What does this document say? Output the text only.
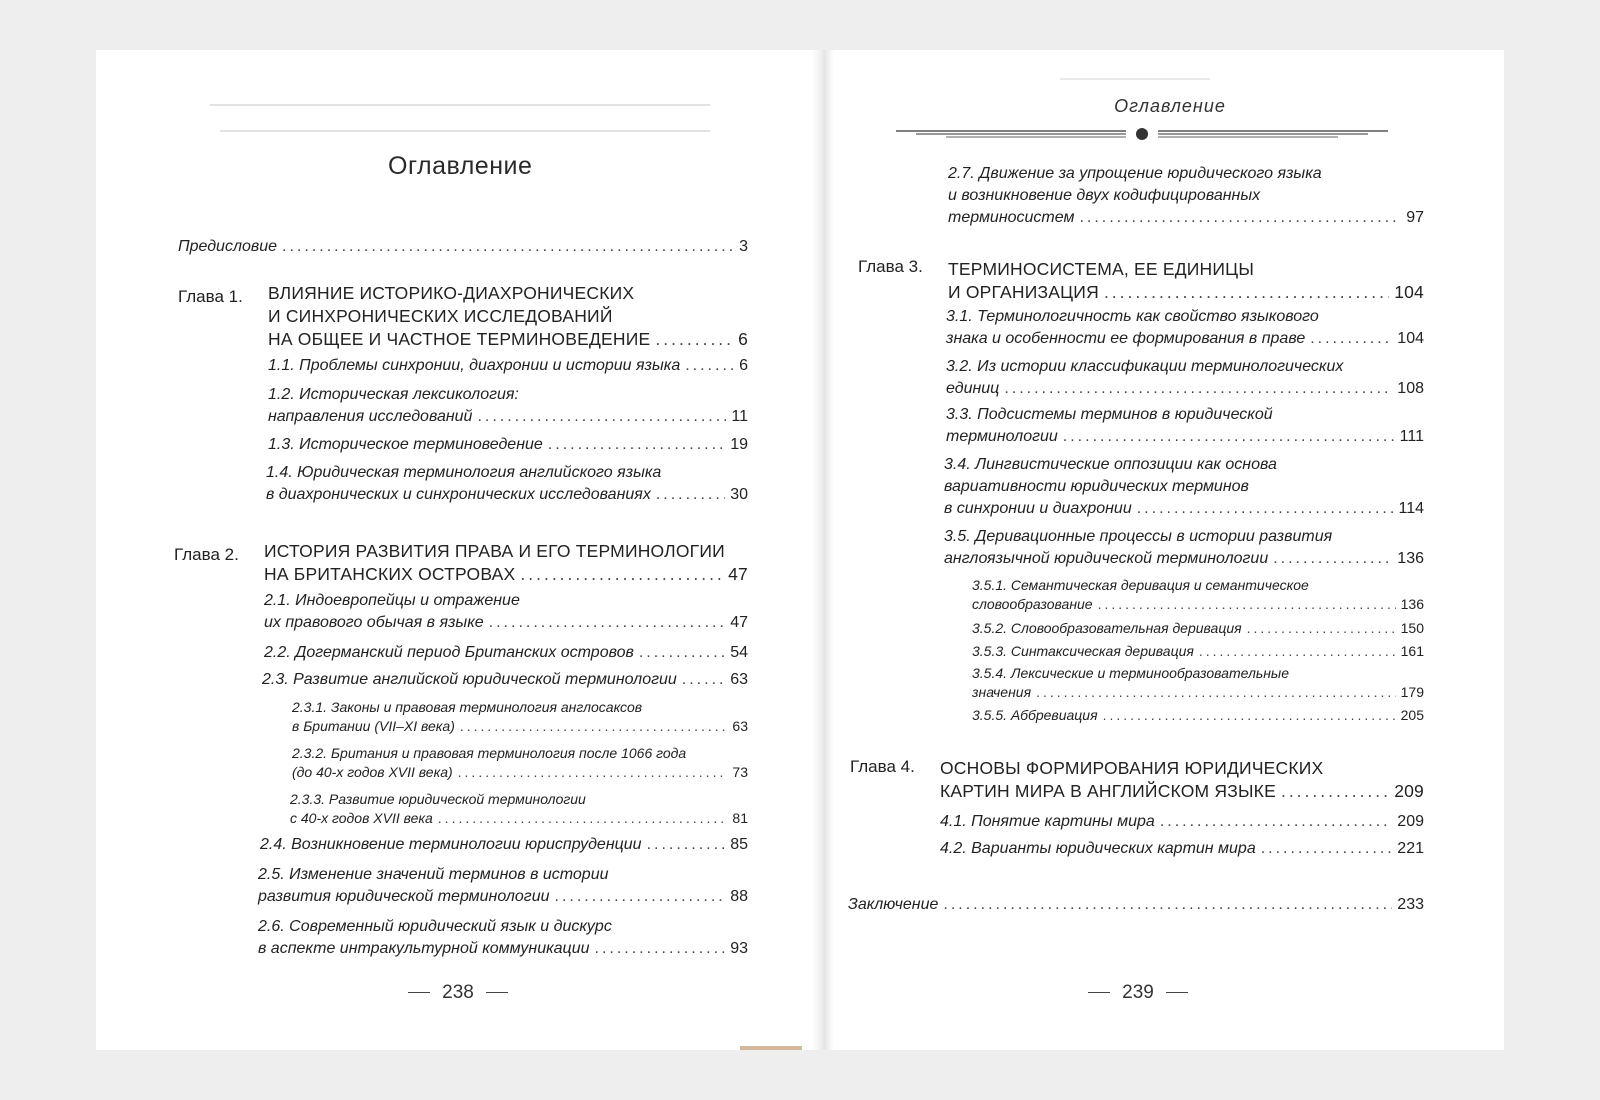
Оглавление
Предисловие .....	3
Глава 1. ВЛИЯНИЕ ИСТОРИКО-ДИАХРОНИЧЕСКИХ
И СИНХРОНИЧЕСКИХ ИССЛЕДОВАНИЙ
НА ОБЩЕЕ И ЧАСТНОЕ ТЕРМИНОВЕДЕНИЕ .....	6
1.1. Проблемы синхронии, диахронии и истории языка .....	6
1.2. Историческая лексикология:
направления исследований .....	11
1.3. Историческое терминоведение .....	19
1.4. Юридическая терминология английского языка
в диахронических и синхронических исследованиях .....	30
Глава 2. ИСТОРИЯ РАЗВИТИЯ ПРАВА И ЕГО ТЕРМИНОЛОГИИ
НА БРИТАНСКИХ ОСТРОВАХ .....	47
2.1. Индоевропейцы и отражение
их правового обычая в языке .....	47
2.2. Догерманский период Британских островов .....	54
2.3. Развитие английской юридической терминологии .....	63
2.3.1. Законы и правовая терминология англосаксов
в Британии (VII–XI века) .....	63
2.3.2. Британия и правовая терминология после 1066 года
(до 40-х годов XVII века) .....	73
2.3.3. Развитие юридической терминологии
с 40-х годов XVII века .....	81
2.4. Возникновение терминологии юриспруденции .....	85
2.5. Изменение значений терминов в истории
развития юридической терминологии .....	88
2.6. Современный юридический язык и дискурс
в аспекте интракультурной коммуникации .....	93
238
Оглавление
2.7. Движение за упрощение юридического языка
и возникновение двух кодифицированных
терминосистем .....	97
Глава 3. ТЕРМИНОСИСТЕМА, ЕЕ ЕДИНИЦЫ
И ОРГАНИЗАЦИЯ .....	104
3.1. Терминологичность как свойство языкового
знака и особенности ее формирования в праве .....	104
3.2. Из истории классификации терминологических
единиц .....	108
3.3. Подсистемы терминов в юридической
терминологии .....	111
3.4. Лингвистические оппозиции как основа
вариативности юридических терминов
в синхронии и диахронии .....	114
3.5. Деривационные процессы в истории развития
англоязычной юридической терминологии .....	136
3.5.1. Семантическая деривация и семантическое
словообразование .....	136
3.5.2. Словообразовательная деривация .....	150
3.5.3. Синтаксическая деривация .....	161
3.5.4. Лексические и терминообразовательные
значения .....	179
3.5.5. Аббревиация .....	205
Глава 4. ОСНОВЫ ФОРМИРОВАНИЯ ЮРИДИЧЕСКИХ
КАРТИН МИРА В АНГЛИЙСКОМ ЯЗЫКЕ .....	209
4.1. Понятие картины мира .....	209
4.2. Варианты юридических картин мира .....	221
Заключение .....	233
239
